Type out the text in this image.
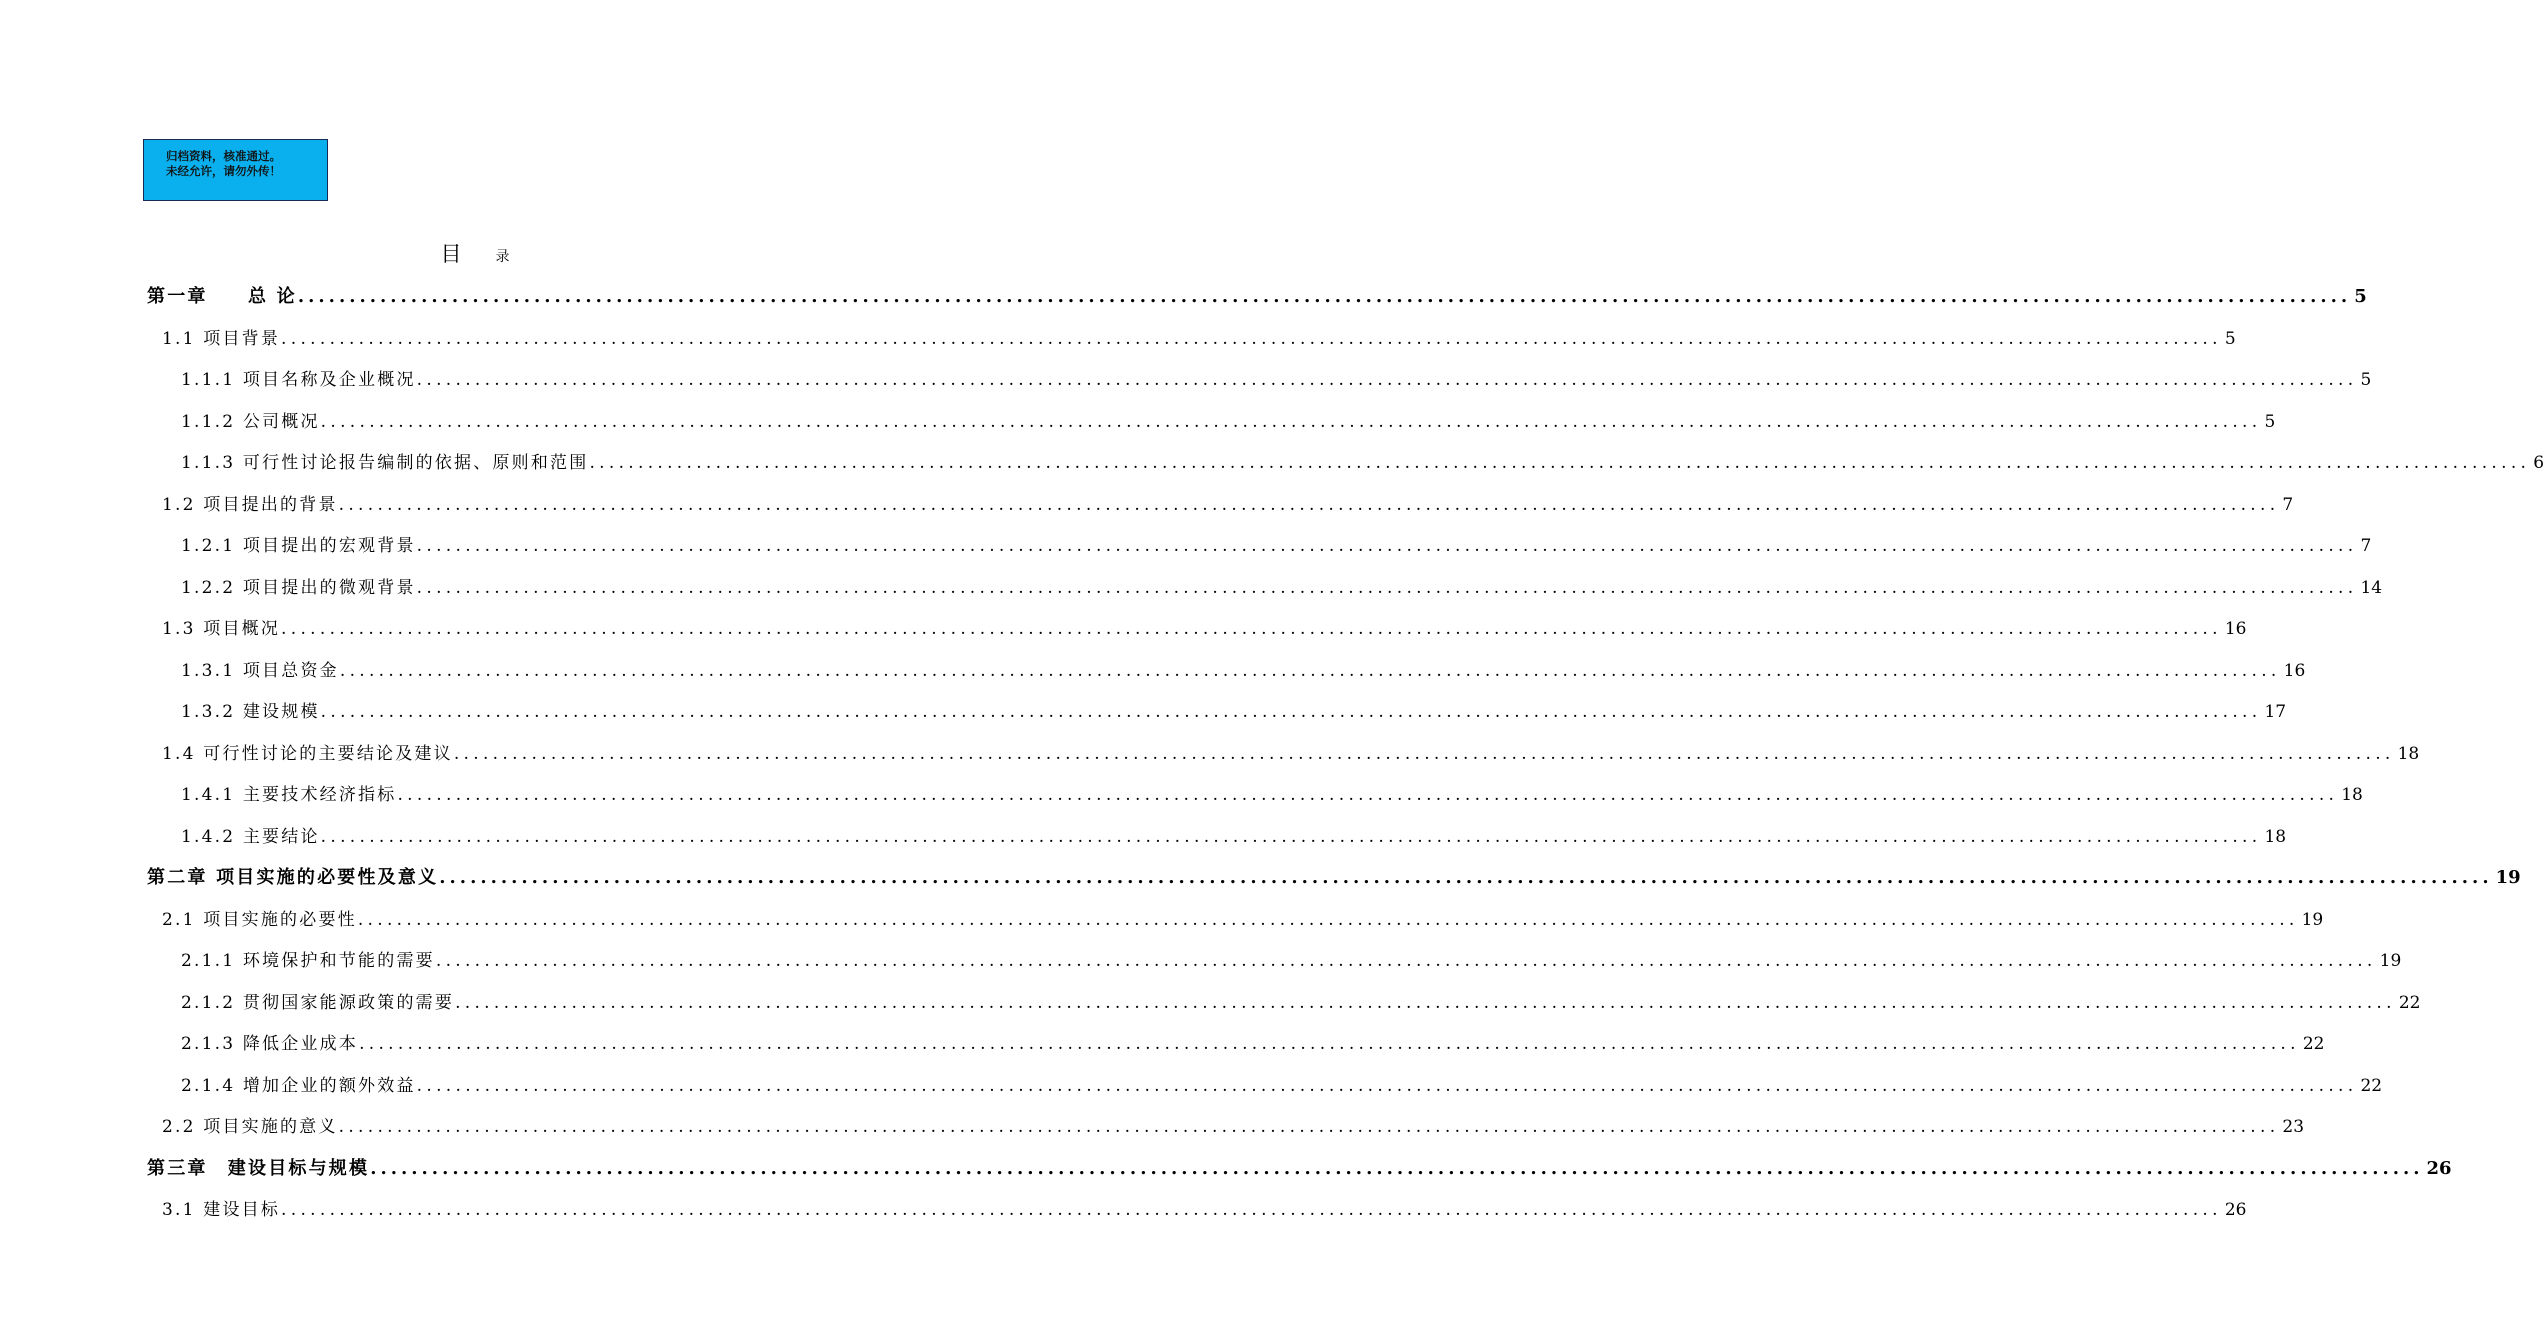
归档资料，核准通过。
未经允许，请勿外传！
目 录
第一章　　总 论 ........................................................................................................................................................................................................ 5
1.1 项目背景 ........................................................................................................................................................................................................ 5
1.1.1 项目名称及企业概况 ........................................................................................................................................................................................................ 5
1.1.2 公司概况 ........................................................................................................................................................................................................ 5
1.1.3 可行性讨论报告编制的依据、原则和范围 ........................................................................................................................................................................................................ 6
1.2 项目提出的背景 ........................................................................................................................................................................................................ 7
1.2.1 项目提出的宏观背景 ........................................................................................................................................................................................................ 7
1.2.2 项目提出的微观背景 ........................................................................................................................................................................................................ 14
1.3 项目概况 ........................................................................................................................................................................................................ 16
1.3.1 项目总资金 ........................................................................................................................................................................................................ 16
1.3.2 建设规模 ........................................................................................................................................................................................................ 17
1.4 可行性讨论的主要结论及建议 ........................................................................................................................................................................................................ 18
1.4.1 主要技术经济指标 ........................................................................................................................................................................................................ 18
1.4.2 主要结论 ........................................................................................................................................................................................................ 18
第二章 项目实施的必要性及意义 ........................................................................................................................................................................................................ 19
2.1 项目实施的必要性 ........................................................................................................................................................................................................ 19
2.1.1 环境保护和节能的需要 ........................................................................................................................................................................................................ 19
2.1.2 贯彻国家能源政策的需要 ........................................................................................................................................................................................................ 22
2.1.3 降低企业成本 ........................................................................................................................................................................................................ 22
2.1.4 增加企业的额外效益 ........................................................................................................................................................................................................ 22
2.2 项目实施的意义 ........................................................................................................................................................................................................ 23
第三章　建设目标与规模 ........................................................................................................................................................................................................ 26
3.1 建设目标 ........................................................................................................................................................................................................ 26
